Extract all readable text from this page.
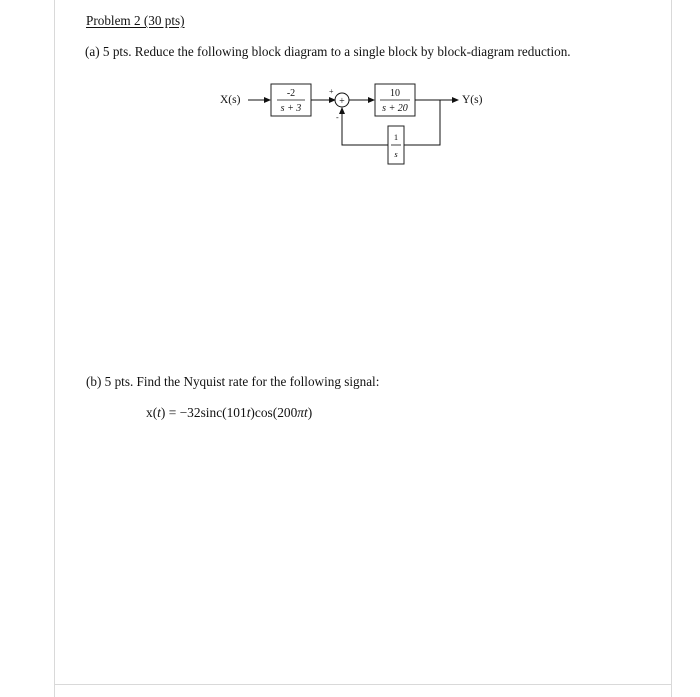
Problem 2 (30 pts)
(a) 5 pts. Reduce the following block diagram to a single block by block-diagram reduction.
X(s)
-2
s + 3
+
+
-
10
s + 20
Y(s)
1
s
(b) 5 pts. Find the Nyquist rate for the following signal:
x(t) = −32sinc(101t)cos(200πt)
